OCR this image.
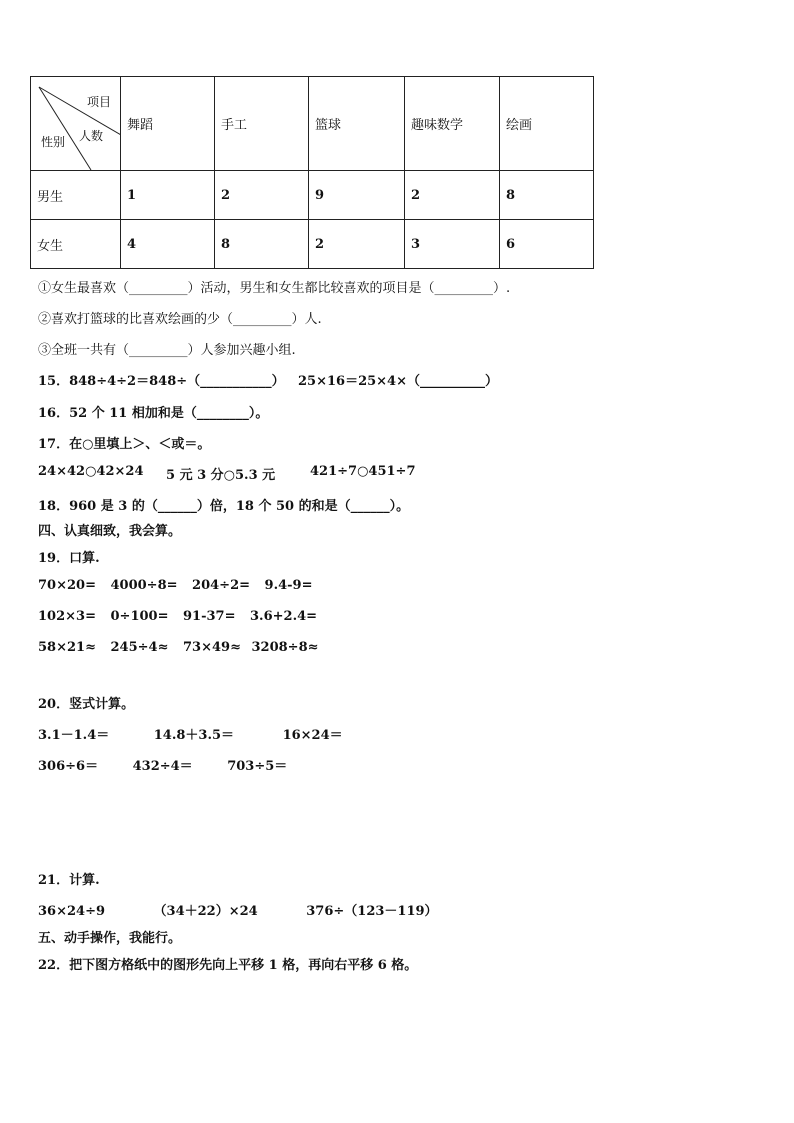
项目
人数
性别	舞蹈	手工	篮球	趣味数学	绘画
男生	1	2	9	2	8
女生	4	8	2	3	6
①女生最喜欢（_________）活动，男生和女生都比较喜欢的项目是（_________）.
②喜欢打篮球的比喜欢绘画的少（_________）人.
③全班一共有（_________）人参加兴趣小组.
15．848÷4÷2＝848÷（___________） 25×16＝25×4×（__________）
16．52 个 11 相加和是（________）。
17．在○里填上＞、＜或＝。
24×42○42×24 5 元 3 分○5.3 元	421÷7○451÷7
18．960 是 3 的（______）倍，18 个 50 的和是（______）。
四、认真细致，我会算。
19．口算.
70×20= 4000÷8= 204÷2= 9.4-9=
102×3= 0÷100= 91-37= 3.6+2.4=
58×21≈ 245÷4≈ 73×49≈ 3208÷8≈
20．竖式计算。
3.1－1.4＝	14.8＋3.5＝	16×24＝
306÷6＝	432÷4＝	703÷5＝
21．计算.
36×24÷9	（34＋22）×24	376÷（123－119）
五、动手操作，我能行。
22．把下图方格纸中的图形先向上平移 1 格，再向右平移 6 格。
